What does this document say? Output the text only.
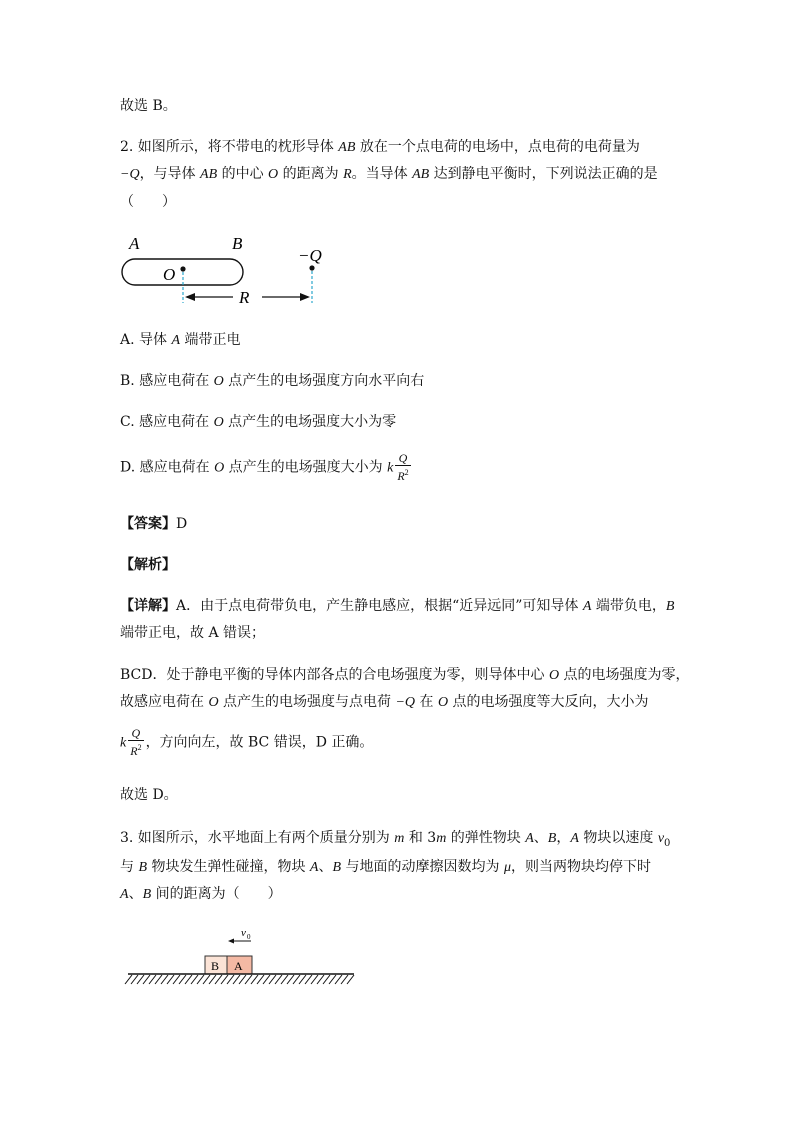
故选 B。
2. 如图所示，将不带电的枕形导体 AB 放在一个点电荷的电场中，点电荷的电荷量为
−Q，与导体 AB 的中心 O 的距离为 R。当导体 AB 达到静电平衡时，下列说法正确的是
（　　）
A	B
O
−Q
R
A. 导体 A 端带正电
B. 感应电荷在 O 点产生的电场强度方向水平向右
C. 感应电荷在 O 点产生的电场强度大小为零
D. 感应电荷在 O 点产生的电场强度大小为 k $\frac{Q}{R^2}$
【答案】D
【解析】
【详解】A．由于点电荷带负电，产生静电感应，根据“近异远同”可知导体 A 端带负电，B
端带正电，故 A 错误；
BCD．处于静电平衡的导体内部各点的合电场强度为零，则导体中心 O 点的电场强度为零，
故感应电荷在 O 点产生的电场强度与点电荷 −Q 在 O 点的电场强度等大反向，大小为
k $\frac{Q}{R^2}$ ，方向向左，故 BC 错误，D 正确。
故选 D。
3. 如图所示，水平地面上有两个质量分别为 m 和 3m 的弹性物块 A、B，A 物块以速度 $v_0$
与 B 物块发生弹性碰撞，物块 A、B 与地面的动摩擦因数均为 μ，则当两物块均停下时
A、B 间的距离为（　　）
v 0
B A
